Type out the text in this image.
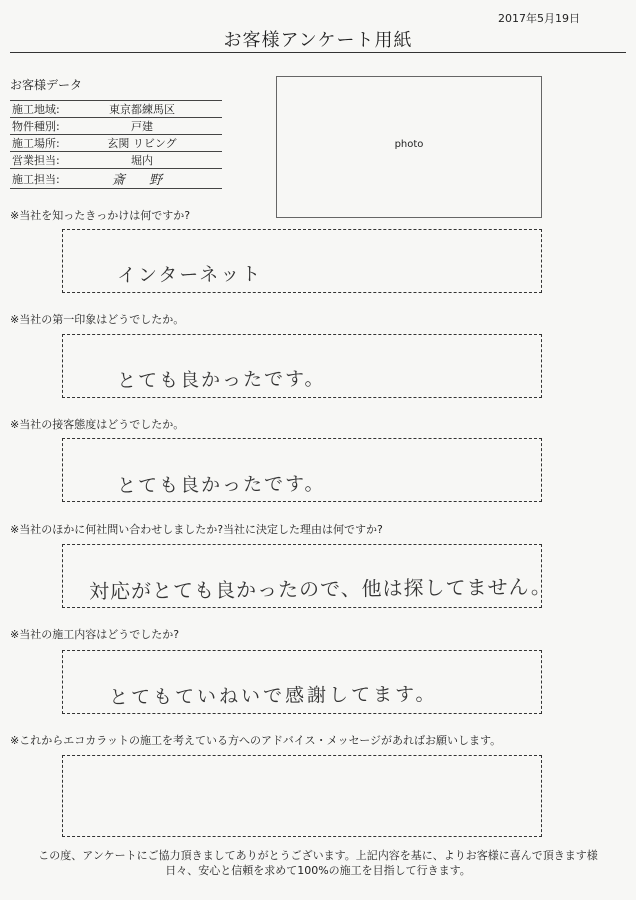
2017年5月19日
お客様アンケート用紙
お客様データ
施工地域:	東京都練馬区
物件種別:	戸建
施工場所:	玄関 リビング
営業担当:	堀内
施工担当:	斎 野
photo
※当社を知ったきっかけは何ですか?
インターネット
※当社の第一印象はどうでしたか。
とても良かったです。
※当社の接客態度はどうでしたか。
とても良かったです。
※当社のほかに何社問い合わせしましたか?当社に決定した理由は何ですか?
対応がとても良かったので、他は探してません。
※当社の施工内容はどうでしたか?
とてもていねいで感謝してます。
※これからエコカラットの施工を考えている方へのアドバイス・メッセージがあればお願いします。
この度、アンケートにご協力頂きましてありがとうございます。上記内容を基に、よりお客様に喜んで頂きます様
日々、安心と信頼を求めて100%の施工を目指して行きます。
